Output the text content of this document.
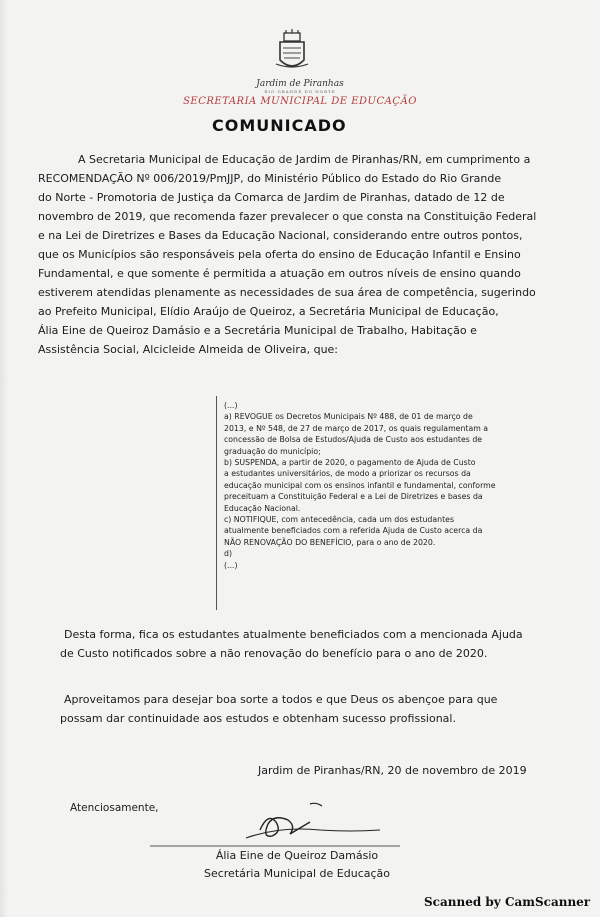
Jardim de Piranhas
RIO GRANDE DO NORTE
SECRETARIA MUNICIPAL DE EDUCAÇÃO
COMUNICADO
A Secretaria Municipal de Educação de Jardim de Piranhas/RN, em cumprimento a
RECOMENDAÇÃO Nº 006/2019/PmJJP, do Ministério Público do Estado do Rio Grande
do Norte - Promotoria de Justiça da Comarca de Jardim de Piranhas, datado de 12 de
novembro de 2019, que recomenda fazer prevalecer o que consta na Constituição Federal
e na Lei de Diretrizes e Bases da Educação Nacional, considerando entre outros pontos,
que os Municípios são responsáveis pela oferta do ensino de Educação Infantil e Ensino
Fundamental, e que somente é permitida a atuação em outros níveis de ensino quando
estiverem atendidas plenamente as necessidades de sua área de competência, sugerindo
ao Prefeito Municipal, Elídio Araújo de Queiroz, a Secretária Municipal de Educação,
Ália Eine de Queiroz Damásio e a Secretária Municipal de Trabalho, Habitação e
Assistência Social, Alcicleide Almeida de Oliveira, que:
(...)
a) REVOGUE os Decretos Municipais Nº 488, de 01 de março de
2013, e Nº 548, de 27 de março de 2017, os quais regulamentam a
concessão de Bolsa de Estudos/Ajuda de Custo aos estudantes de
graduação do município;
b) SUSPENDA, a partir de 2020, o pagamento de Ajuda de Custo
a estudantes universitários, de modo a priorizar os recursos da
educação municipal com os ensinos infantil e fundamental, conforme
preceituam a Constituição Federal e a Lei de Diretrizes e bases da
Educação Nacional.
c) NOTIFIQUE, com antecedência, cada um dos estudantes
atualmente beneficiados com a referida Ajuda de Custo acerca da
NÃO RENOVAÇÃO DO BENEFÍCIO, para o ano de 2020.
d)
(...)
Desta forma, fica os estudantes atualmente beneficiados com a mencionada Ajuda
de Custo notificados sobre a não renovação do benefício para o ano de 2020.
Aproveitamos para desejar boa sorte a todos e que Deus os abençoe para que
possam dar continuidade aos estudos e obtenham sucesso profissional.
Jardim de Piranhas/RN, 20 de novembro de 2019
Atenciosamente,
Ália Eine de Queiroz Damásio
Secretária Municipal de Educação
Scanned by CamScanner
